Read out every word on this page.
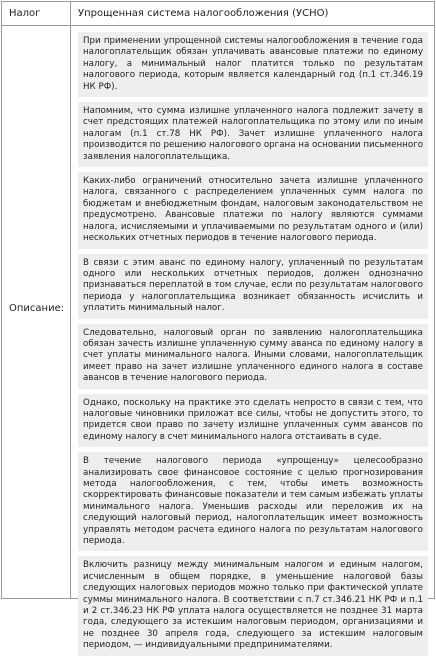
Налог	Упрощенная система налогообложения (УСНО)
Описание:

При применении упрощенной системы налогообложения в течение года налогоплательщик обязан уплачивать авансовые платежи по единому налогу, а минимальный налог платится только по результатам налогового периода, которым является календарный год (п.1 ст.346.19 НК РФ).

Напомним, что сумма излишне уплаченного налога подлежит зачету в счет предстоящих платежей налогоплательщика по этому или по иным налогам (п.1 ст.78 НК РФ). Зачет излишне уплаченного налога производится по решению налогового органа на основании письменного заявления налогоплательщика.

Каких-либо ограничений относительно зачета излишне уплаченного налога, связанного с распределением уплаченных сумм налога по бюджетам и внебюджетным фондам, налоговым законодательством не предусмотрено. Авансовые платежи по налогу являются суммами налога, исчисляемыми и уплачиваемыми по результатам одного и (или) нескольких отчетных периодов в течение налогового периода.

В связи с этим аванс по единому налогу, уплаченный по результатам одного или нескольких отчетных периодов, должен однозначно признаваться переплатой в том случае, если по результатам налогового периода у налогоплательщика возникает обязанность исчислить и уплатить минимальный налог.

Следовательно, налоговый орган по заявлению налогоплательщика обязан зачесть излишне уплаченную сумму аванса по единому налогу в счет уплаты минимального налога. Иными словами, налогоплательщик имеет право на зачет излишне уплаченного единого налога в составе авансов в течение налогового периода.

Однако, поскольку на практике это сделать непросто в связи с тем, что налоговые чиновники приложат все силы, чтобы не допустить этого, то придется свои право по зачету излишне уплаченных сумм авансов по единому налогу в счет минимального налога отстаивать в суде.

В течение налогового периода «упрощенцу» целесообразно анализировать свое финансовое состояние с целью прогнозирования метода налогообложения, с тем, чтобы иметь возможность скорректировать финансовые показатели и тем самым избежать уплаты минимального налога. Уменьшив расходы или переложив их на следующий налоговый период, налогоплательщик имеет возможность управлять методом расчета единого налога по результатам налогового периода.

Включить разницу между минимальным налогом и единым налогом, исчисленным в общем порядке, в уменьшение налоговой базы следующих налоговых периодов можно только при фактической уплате суммы минимального налога. В соответствии с п.7 ст.346.21 НК РФ и п.1 и 2 ст.346.23 НК РФ уплата налога осуществляется не позднее 31 марта года, следующего за истекшим налоговым периодом, организациями и не позднее 30 апреля года, следующего за истекшим налоговым периодом, — индивидуальными предпринимателями.
